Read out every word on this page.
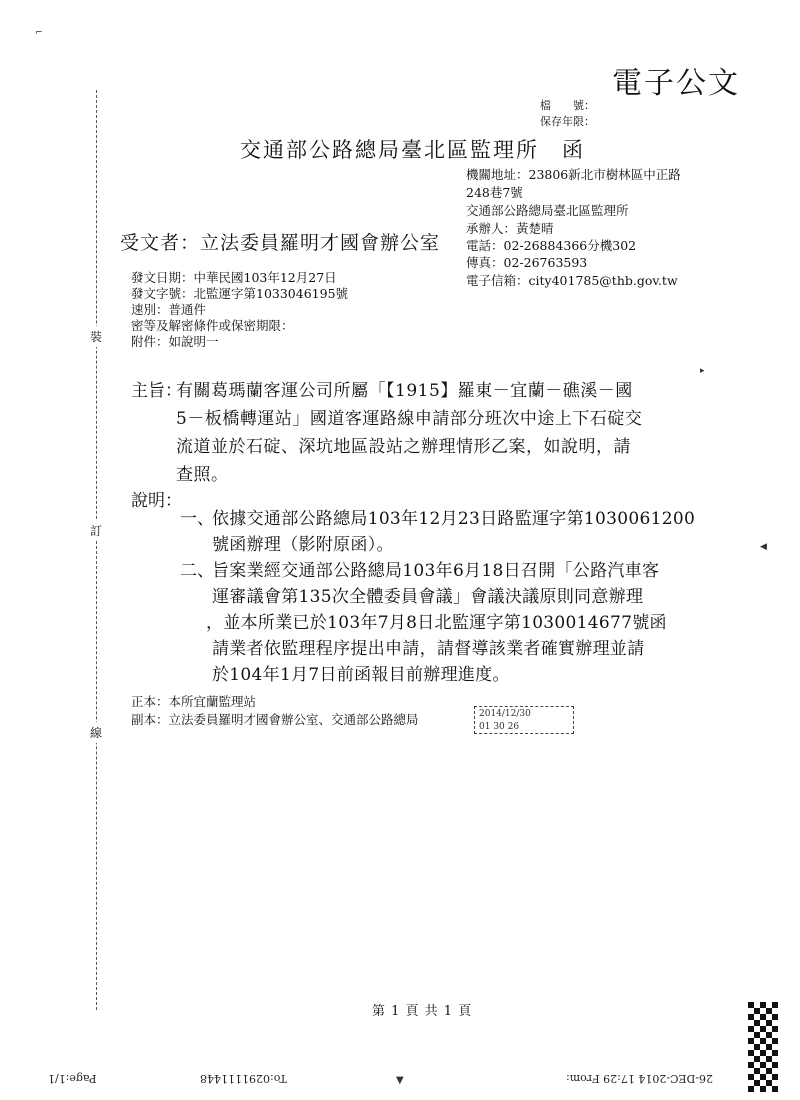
裝
訂
線
⌐
◀
▸
電子公文
檔　　號：
保存年限：
交通部公路總局臺北區監理所　函
機關地址：23806新北市樹林區中正路
248巷7號
交通部公路總局臺北區監理所
承辦人：黃楚晴
電話：02-26884366分機302
傳真：02-26763593
電子信箱：city401785@thb.gov.tw
受文者：立法委員羅明才國會辦公室
發文日期：中華民國103年12月27日
發文字號：北監運字第1033046195號
速別：普通件
密等及解密條件或保密期限：
附件：如說明一
主旨：
有關葛瑪蘭客運公司所屬「【1915】羅東－宜蘭－礁溪－國
5－板橋轉運站」國道客運路線申請部分班次中途上下石碇交
流道並於石碇、深坑地區設站之辦理情形乙案，如說明，請
查照。
說明：
一、
依據交通部公路總局103年12月23日路監運字第1030061200
號函辦理（影附原函）。
二、
旨案業經交通部公路總局103年6月18日召開「公路汽車客
運審議會第135次全體委員會議」會議決議原則同意辦理
，並本所業已於103年7月8日北監運字第1030014677號函
請業者依監理程序提出申請，請督導該業者確實辦理並請
於104年1月7日前函報目前辦理進度。
正本：本所宜蘭監理站
副本：立法委員羅明才國會辦公室、交通部公路總局	2014/12/30
01 30 26
第 1 頁 共 1 頁
Page:1/1	To:0291111448	▼	26-DEC-2014 17:29 From:
